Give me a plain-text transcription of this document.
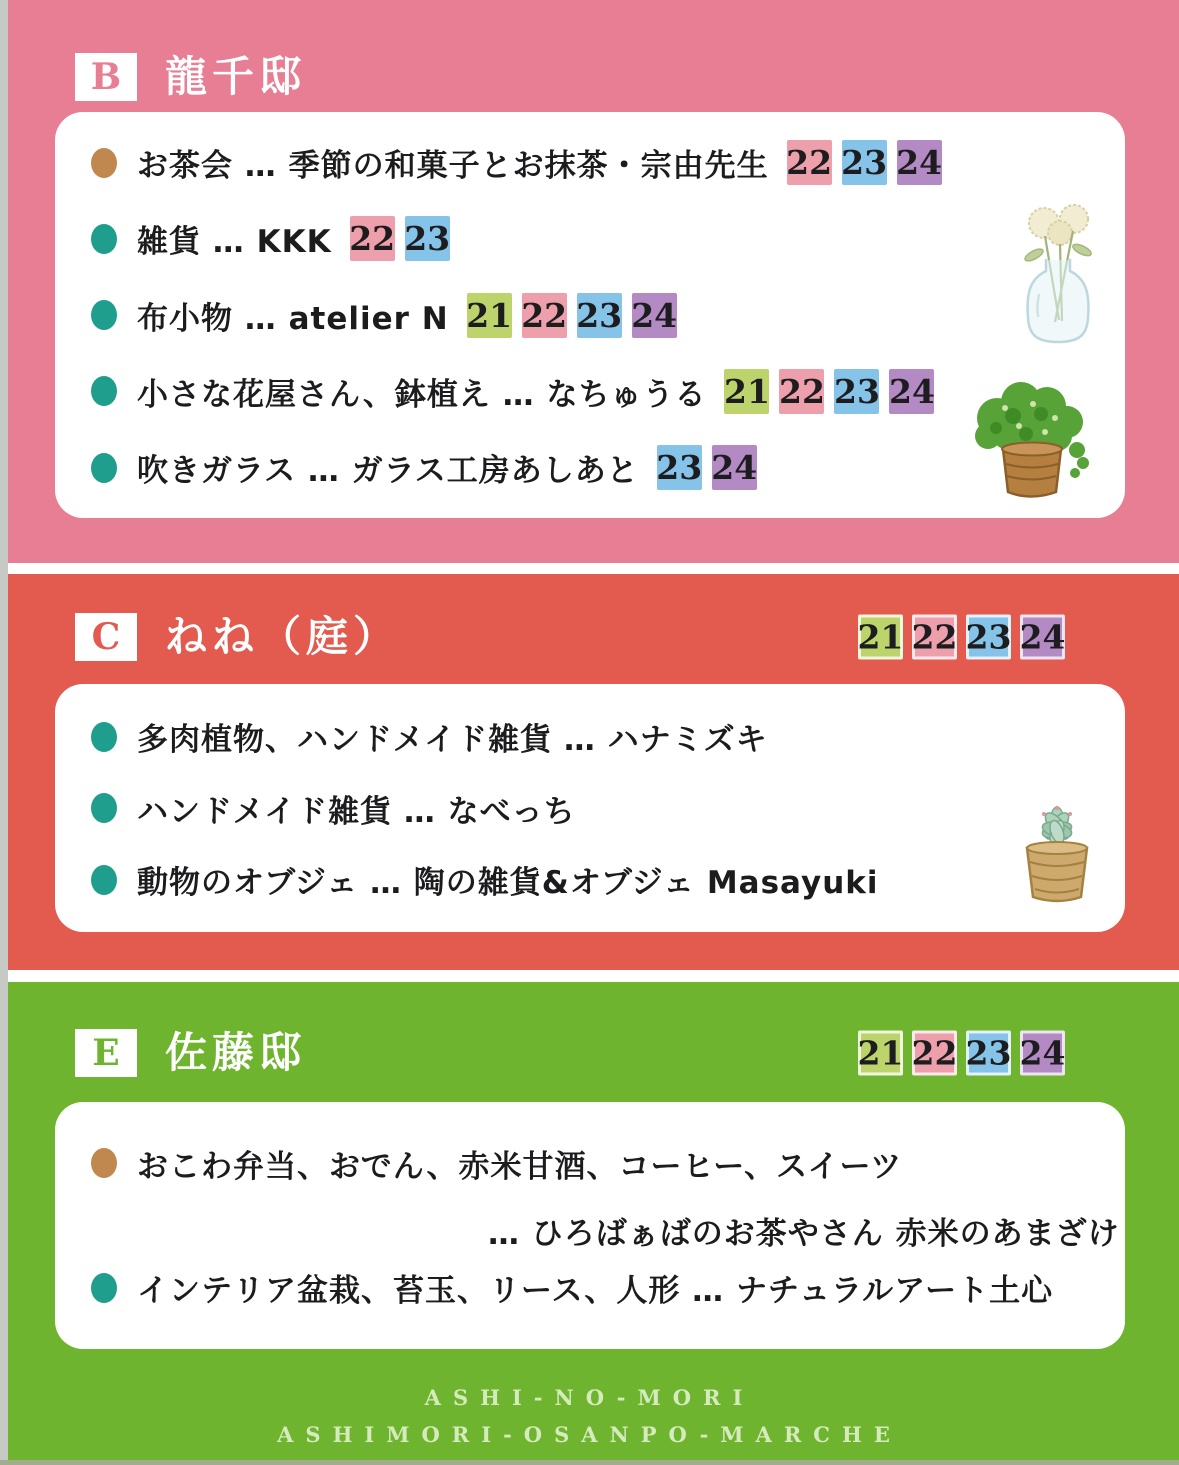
B 龍千邸
お茶会 … 季節の和菓子とお抹茶・宗由先生 22 23 24
雑貨 … KKK 22 23
布小物 … atelier N 21 22 23 24
小さな花屋さん、鉢植え … なちゅうる 21 22 23 24
吹きガラス … ガラス工房あしあと 23 24
C ねね（庭）	21 22 23 24
多肉植物、ハンドメイド雑貨 … ハナミズキ
ハンドメイド雑貨 … なべっち
動物のオブジェ … 陶の雑貨&オブジェ Masayuki
E 佐藤邸	21 22 23 24
おこわ弁当、おでん、赤米甘酒、コーヒー、スイーツ
… ひろばぁばのお茶やさん 赤米のあまざけ
インテリア盆栽、苔玉、リース、人形 … ナチュラルアート土心
ASHI-NO-MORI
ASHIMORI-OSANPO-MARCHE
